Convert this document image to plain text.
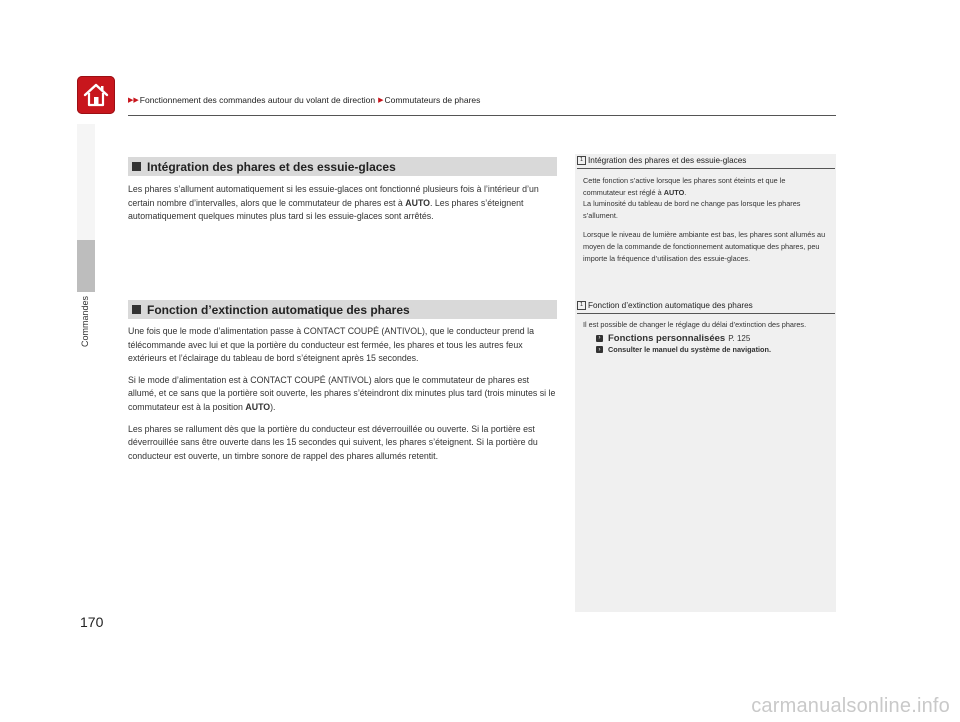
▶▶ Fonctionnement des commandes autour du volant de direction ▶ Commutateurs de phares
Commandes
170
Intégration des phares et des essuie-glaces

Les phares s’allument automatiquement si les essuie-glaces ont fonctionné plusieurs fois à l’intérieur d’un certain nombre d’intervalles, alors que le commutateur de phares est à AUTO. Les phares s’éteignent automatiquement quelques minutes plus tard si les essuie-glaces sont arrêtés.

Fonction d’extinction automatique des phares

Une fois que le mode d’alimentation passe à CONTACT COUPÉ (ANTIVOL), que le conducteur prend la télécommande avec lui et que la portière du conducteur est fermée, les phares et tous les autres feux extérieurs et l’éclairage du tableau de bord s’éteignent après 15 secondes.

Si le mode d’alimentation est à CONTACT COUPÉ (ANTIVOL) alors que le commutateur de phares est allumé, et ce sans que la portière soit ouverte, les phares s’éteindront dix minutes plus tard (trois minutes si le commutateur est à la position AUTO).

Les phares se rallument dès que la portière du conducteur est déverrouillée ou ouverte. Si la portière est déverrouillée sans être ouverte dans les 15 secondes qui suivent, les phares s’éteignent. Si la portière du conducteur est ouverte, un timbre sonore de rappel des phares allumés retentit.

1 Intégration des phares et des essuie-glaces

Cette fonction s’active lorsque les phares sont éteints et que le commutateur est réglé à AUTO.
La luminosité du tableau de bord ne change pas lorsque les phares s’allument.

Lorsque le niveau de lumière ambiante est bas, les phares sont allumés au moyen de la commande de fonctionnement automatique des phares, peu importe la fréquence d’utilisation des essuie-glaces.

1 Fonction d’extinction automatique des phares

Il est possible de changer le réglage du délai d’extinction des phares.

› Fonctions personnalisées P. 125
›	Consulter le manuel du système de navigation.
carmanualsonline.info
